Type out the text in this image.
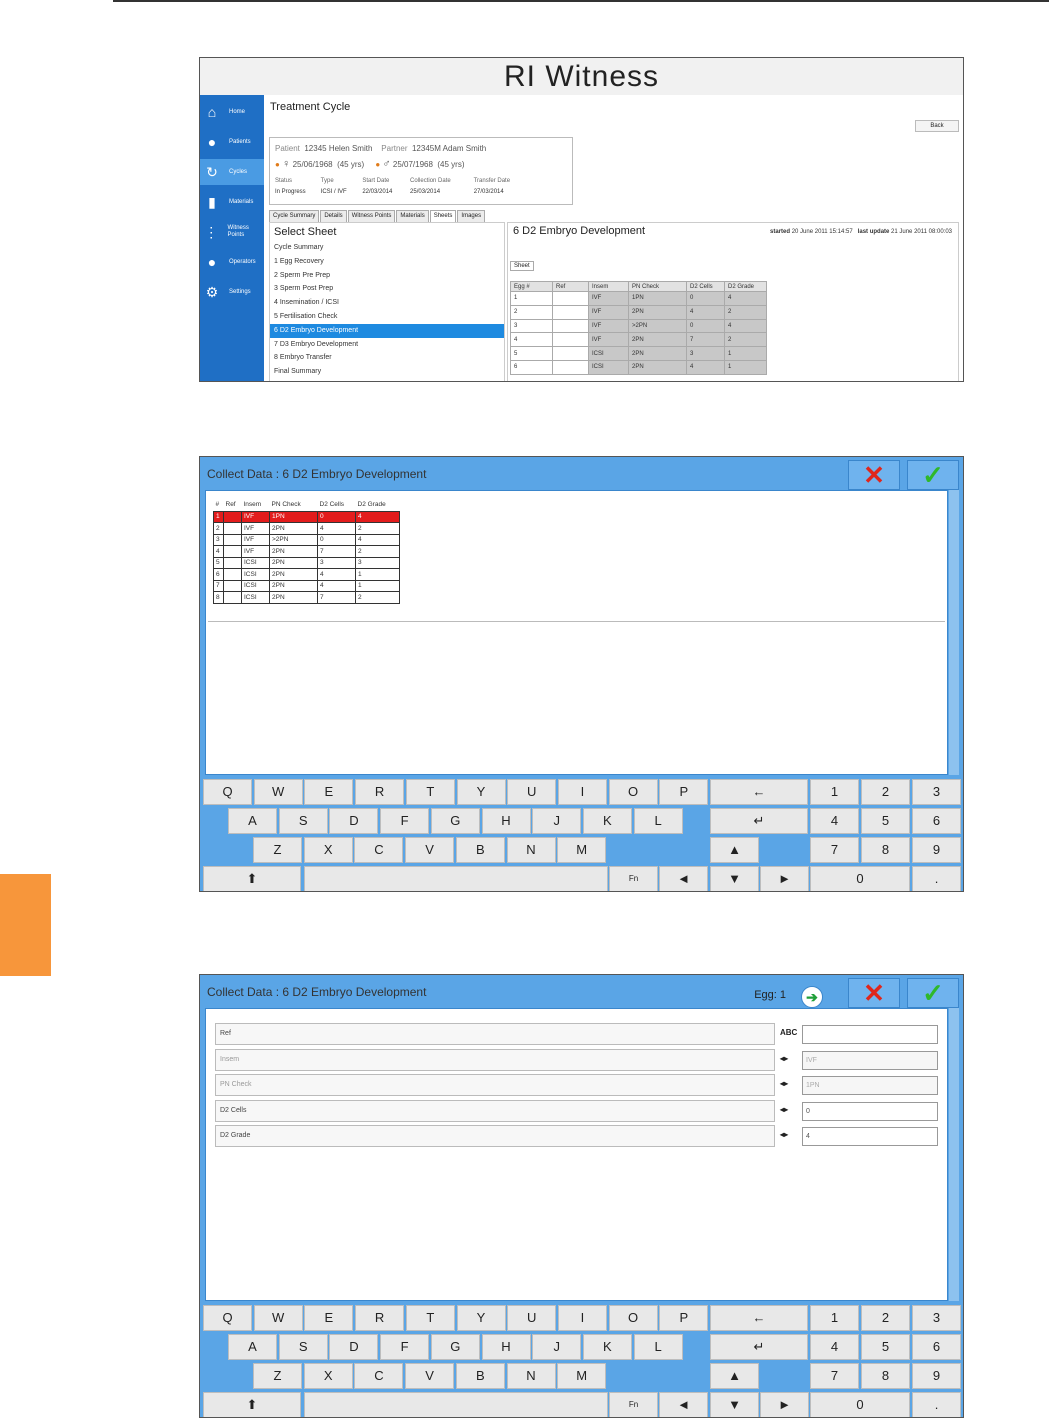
RI Witness
⌂	Home
●	Patients
↻	Cycles
▮	Materials
⋮ Witness Points
●	Operators
⚙	Settings
Treatment Cycle
Back
Patient 12345 Helen Smith Partner 12345M Adam Smith
● ♀ 25/06/1968 (45 yrs) ● ♂ 25/07/1968 (45 yrs)
Status	Type	Start Date	Collection Date	Transfer Date
In Progress ICSI / IVF	22/03/2014	25/03/2014	27/03/2014
Cycle Summary	Details	Witness Points	Materials	Sheets	Images
Select Sheet
Cycle Summary
1 Egg Recovery
2 Sperm Pre Prep
3 Sperm Post Prep
4 Insemination / ICSI
5 Fertilisation Check
6 D2 Embryo Development
7 D3 Embryo Development
8 Embryo Transfer
Final Summary
6 D2 Embryo Development	started 20 June 2011 15:14:57 last update 21 June 2011 08:00:03
Sheet
Egg #	Ref	Insem	PN Check	D2 Cells	D2 Grade
1		IVF	1PN	0	4
2		IVF	2PN	4	2
3		IVF	>2PN	0	4
4		IVF	2PN	7	2
5		ICSI	2PN	3	1
6		ICSI	2PN	4	1
Collect Data : 6 D2 Embryo Development	✕ ✓
#	Ref	Insem	PN Check	D2 Cells	D2 Grade
1		IVF	1PN	0	4
2		IVF	2PN	4	2
3		IVF	>2PN	0	4
4		IVF	2PN	7	2
5		ICSI	2PN	3	3
6		ICSI	2PN	4	1
7		ICSI	2PN	4	1
8		ICSI	2PN	7	2
Q	W	E	R	T	Y	U	I	O	P
A	S	D	F	G	H	J	K	L
Z	X	C	V	B	N	M
←
↵
▲
1	2	3
4	5	6
7	8	9
⬆	Fn	◄	▼	►	0	.
Collect Data : 6 D2 Embryo Development	Egg: 1 ➔ ✕ ✓
Ref	ABC
Insem	◂▸	IVF
PN Check	◂▸	1PN
D2 Cells	◂▸	0
D2 Grade	◂▸	4
Q	W	E	R	T	Y	U	I	O	P
A	S	D	F	G	H	J	K	L
Z	X	C	V	B	N	M
←
↵
▲
1	2	3
4	5	6
7	8	9
⬆	Fn	◄	▼	►	0	.
